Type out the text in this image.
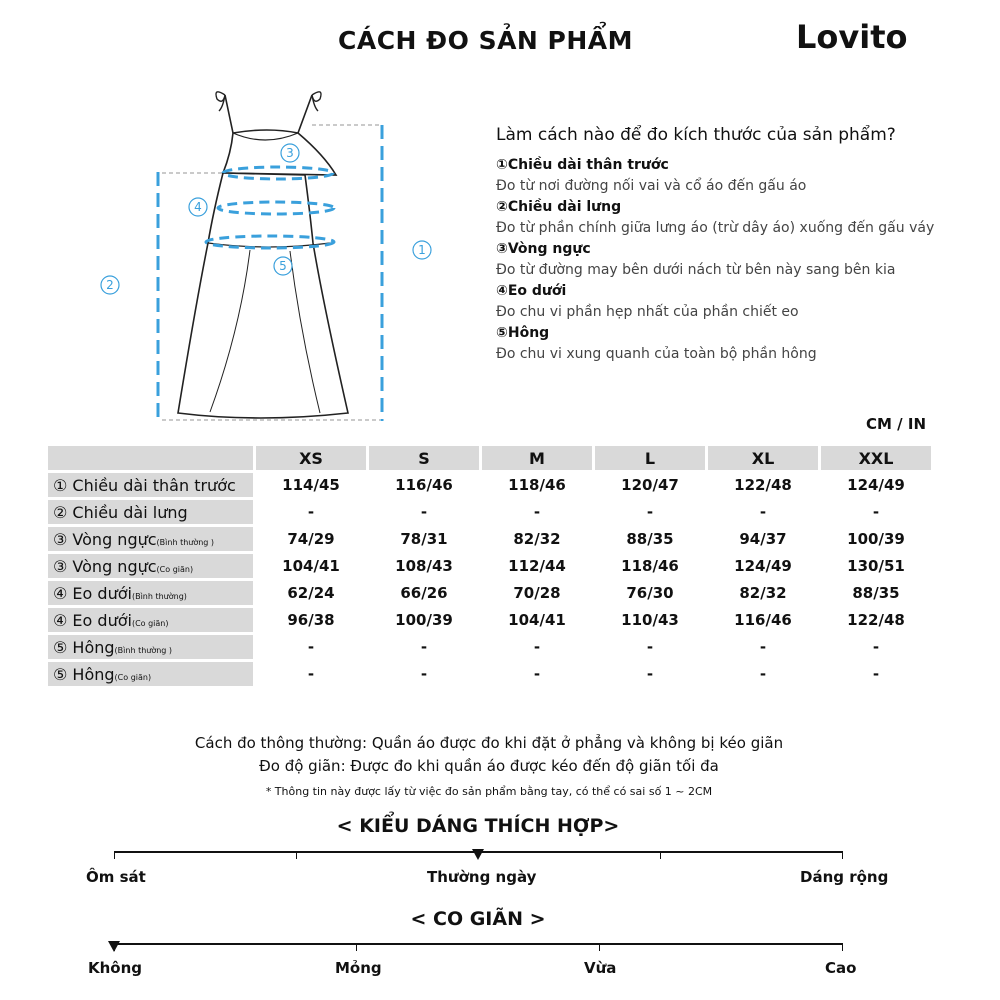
CÁCH ĐO SẢN PHẨM	Lovito
1
2
3
4
5
Làm cách nào để đo kích thước của sản phẩm?
①Chiều dài thân trước
Đo từ nơi đường nối vai và cổ áo đến gấu áo
②Chiều dài lưng
Đo từ phần chính giữa lưng áo (trừ dây áo) xuống đến gấu váy
③Vòng ngực
Đo từ đường may bên dưới nách từ bên này sang bên kia
④Eo dưới
Đo chu vi phần hẹp nhất của phần chiết eo
⑤Hông
Đo chu vi xung quanh của toàn bộ phần hông
CM / IN
	XS	S	M	L	XL	XXL
① Chiều dài thân trước	114/45	116/46	118/46	120/47	122/48	124/49
② Chiều dài lưng	-	-	-	-	-	-
③ Vòng ngực(Bình thường )	74/29	78/31	82/32	88/35	94/37	100/39
③ Vòng ngực(Co giãn)	104/41	108/43	112/44	118/46	124/49	130/51
④ Eo dưới(Bình thường)	62/24	66/26	70/28	76/30	82/32	88/35
④ Eo dưới(Co giãn)	96/38	100/39	104/41	110/43	116/46	122/48
⑤ Hông(Bình thường )	-	-	-	-	-	-
⑤ Hông(Co giãn)	-	-	-	-	-	-
Cách đo thông thường: Quần áo được đo khi đặt ở phẳng và không bị kéo giãn
Đo độ giãn: Được đo khi quần áo được kéo đến độ giãn tối đa
* Thông tin này được lấy từ việc đo sản phẩm bằng tay, có thể có sai số 1 ~ 2CM
< KIỂU DÁNG THÍCH HỢP>
Ôm sát	Thường ngày	Dáng rộng
< CO GIÃN >
Không	Mỏng	Vừa	Cao
